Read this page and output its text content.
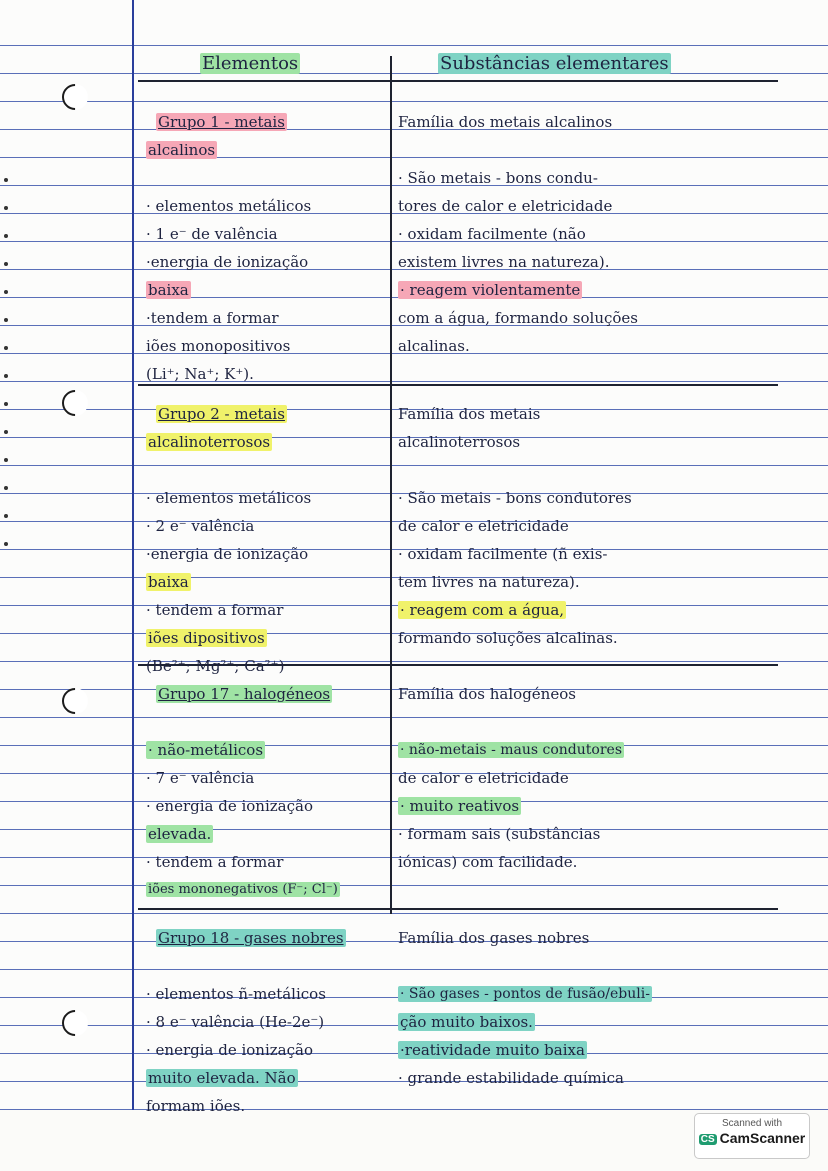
Elementos	Substâncias elementares
Grupo 1 - metais
alcalinos
· elementos metálicos
· 1 e⁻ de valência
·energia de ionização
baixa
·tendem a formar
iões monopositivos
(Li⁺; Na⁺; K⁺).
Família dos metais alcalinos
· São metais - bons condu-
tores de calor e eletricidade
· oxidam facilmente (não
existem livres na natureza).
· reagem violentamente
com a água, formando soluções
alcalinas.
Grupo 2 - metais
alcalinoterrosos
· elementos metálicos
· 2 e⁻ valência
·energia de ionização
baixa
· tendem a formar
iões dipositivos
(Be²⁺; Mg²⁺; Ca²⁺)
Família dos metais
alcalinoterrosos
· São metais - bons condutores
de calor e eletricidade
· oxidam facilmente (ñ exis-
tem livres na natureza).
· reagem com a água,
formando soluções alcalinas.
Grupo 17 - halogéneos
· não-metálicos
· 7 e⁻ valência
· energia de ionização
elevada.
· tendem a formar
iões mononegativos (F⁻; Cl⁻)
Família dos halogéneos
· não-metais - maus condutores
de calor e eletricidade
· muito reativos
· formam sais (substâncias
iónicas) com facilidade.
Grupo 18 - gases nobres
· elementos ñ-metálicos
· 8 e⁻ valência (He-2e⁻)
· energia de ionização
muito elevada. Não
formam iões.
Família dos gases nobres
· São gases - pontos de fusão/ebuli-
ção muito baixos.
·reatividade muito baixa
· grande estabilidade química
Scanned with
CS CamScanner
